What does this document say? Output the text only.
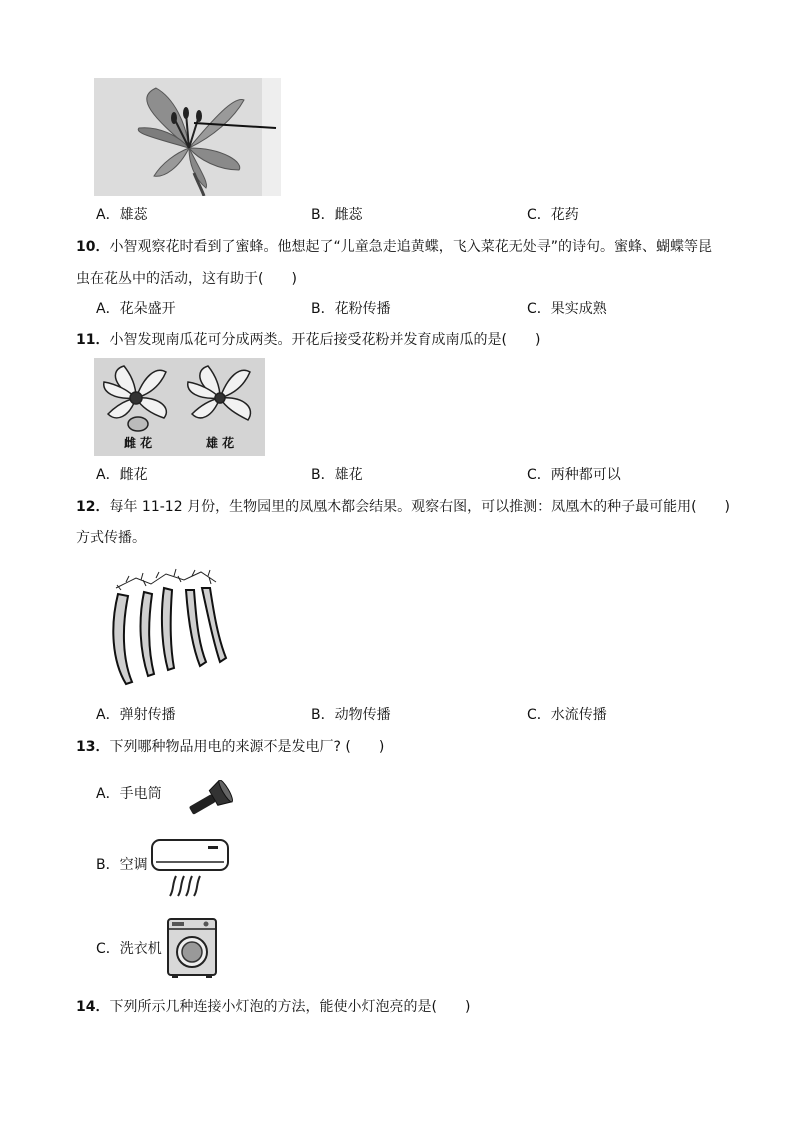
A．雄蕊	B．雌蕊	C．花药
10．小智观察花时看到了蜜蜂。他想起了“儿童急走追黄蝶，飞入菜花无处寻”的诗句。蜜蜂、蝴蝶等昆
虫在花丛中的活动，这有助于(　　)
A．花朵盛开	B．花粉传播	C．果实成熟
11．小智发现南瓜花可分成两类。开花后接受花粉并发育成南瓜的是(　　)
雌 花	雄 花
A．雌花	B．雄花	C．两种都可以
12．每年 11-12 月份，生物园里的凤凰木都会结果。观察右图，可以推测：凤凰木的种子最可能用(　　)
方式传播。
A．弹射传播	B．动物传播	C．水流传播
13．下列哪种物品用电的来源不是发电厂? (　　)
A．手电筒
B．空调
C．洗衣机
14．下列所示几种连接小灯泡的方法，能使小灯泡亮的是(　　)
